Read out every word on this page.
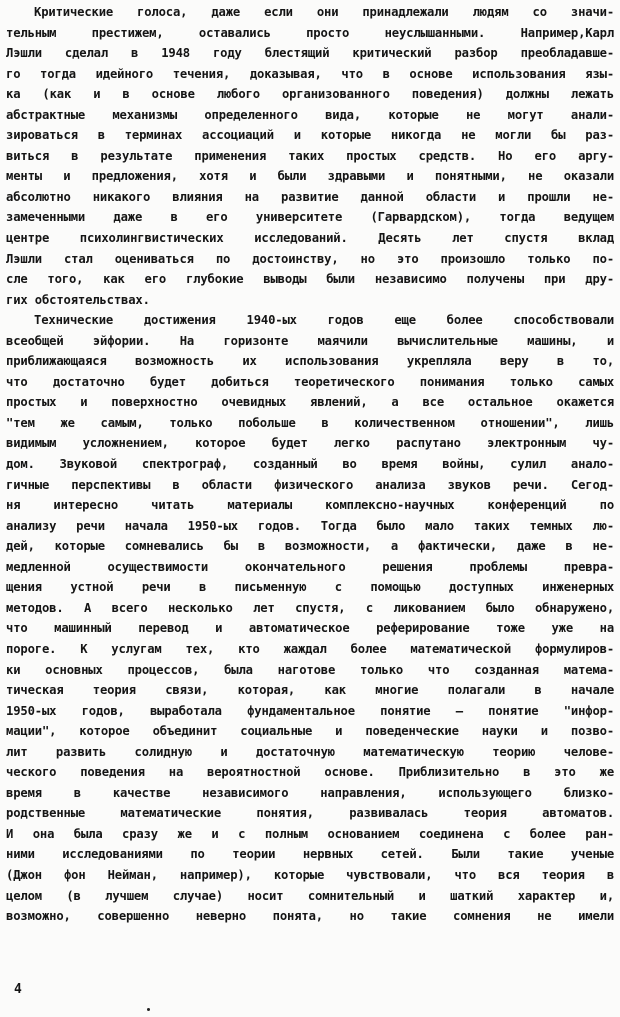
Критические голоса, даже если они принадлежали людям со значи-
тельным престижем, оставались просто неуслышанными. Например,Карл
Лэшли сделал в 1948 году блестящий критический разбор преобладавше-
го тогда идейного течения, доказывая, что в основе использования язы-
ка (как и в основе любого организованного поведения) должны лежать
абстрактные механизмы определенного вида, которые не могут анали-
зироваться в терминах ассоциаций и которые никогда не могли бы раз-
виться в результате применения таких простых средств. Но его аргу-
менты и предложения, хотя и были здравыми и понятными, не оказали
абсолютно никакого влияния на развитие данной области и прошли не-
замеченными даже в его университете (Гарвардском), тогда ведущем
центре психолингвистических исследований. Десять лет спустя вклад
Лэшли стал оцениваться по достоинству, но это произошло только по-
сле того, как его глубокие выводы были независимо получены при дру-
гих обстоятельствах.
Технические достижения 1940-ых годов еще более способствовали
всеобщей эйфории. На горизонте маячили вычислительные машины, и
приближающаяся возможность их использования укрепляла веру в то,
что достаточно будет добиться теоретического понимания только самых
простых и поверхностно очевидных явлений, а все остальное окажется
"тем же самым, только побольше в количественном отношении", лишь
видимым усложнением, которое будет легко распутано электронным чу-
дом. Звуковой спектрограф, созданный во время войны, сулил анало-
гичные перспективы в области физического анализа звуков речи. Сегод-
ня интересно читать материалы комплексно-научных конференций по
анализу речи начала 1950-ых годов. Тогда было мало таких темных лю-
дей, которые сомневались бы в возможности, а фактически, даже в не-
медленной осуществимости окончательного решения проблемы превра-
щения устной речи в письменную с помощью доступных инженерных
методов. А всего несколько лет спустя, с ликованием было обнаружено,
что машинный перевод и автоматическое реферирование тоже уже на
пороге. К услугам тех, кто жаждал более математической формулиров-
ки основных процессов, была наготове только что созданная матема-
тическая теория связи, которая, как многие полагали в начале
1950-ых годов, выработала фундаментальное понятие — понятие "инфор-
мации", которое объединит социальные и поведенческие науки и позво-
лит развить солидную и достаточную математическую теорию челове-
ческого поведения на вероятностной основе. Приблизительно в это же
время в качестве независимого направления, использующего близко-
родственные математические понятия, развивалась теория автоматов.
И она была сразу же и с полным основанием соединена с более ран-
ними исследованиями по теории нервных сетей. Были такие ученые
(Джон фон Нейман, например), которые чувствовали, что вся теория в
целом (в лучшем случае) носит сомнительный и шаткий характер и,
возможно, совершенно неверно понята, но такие сомнения не имели
4
